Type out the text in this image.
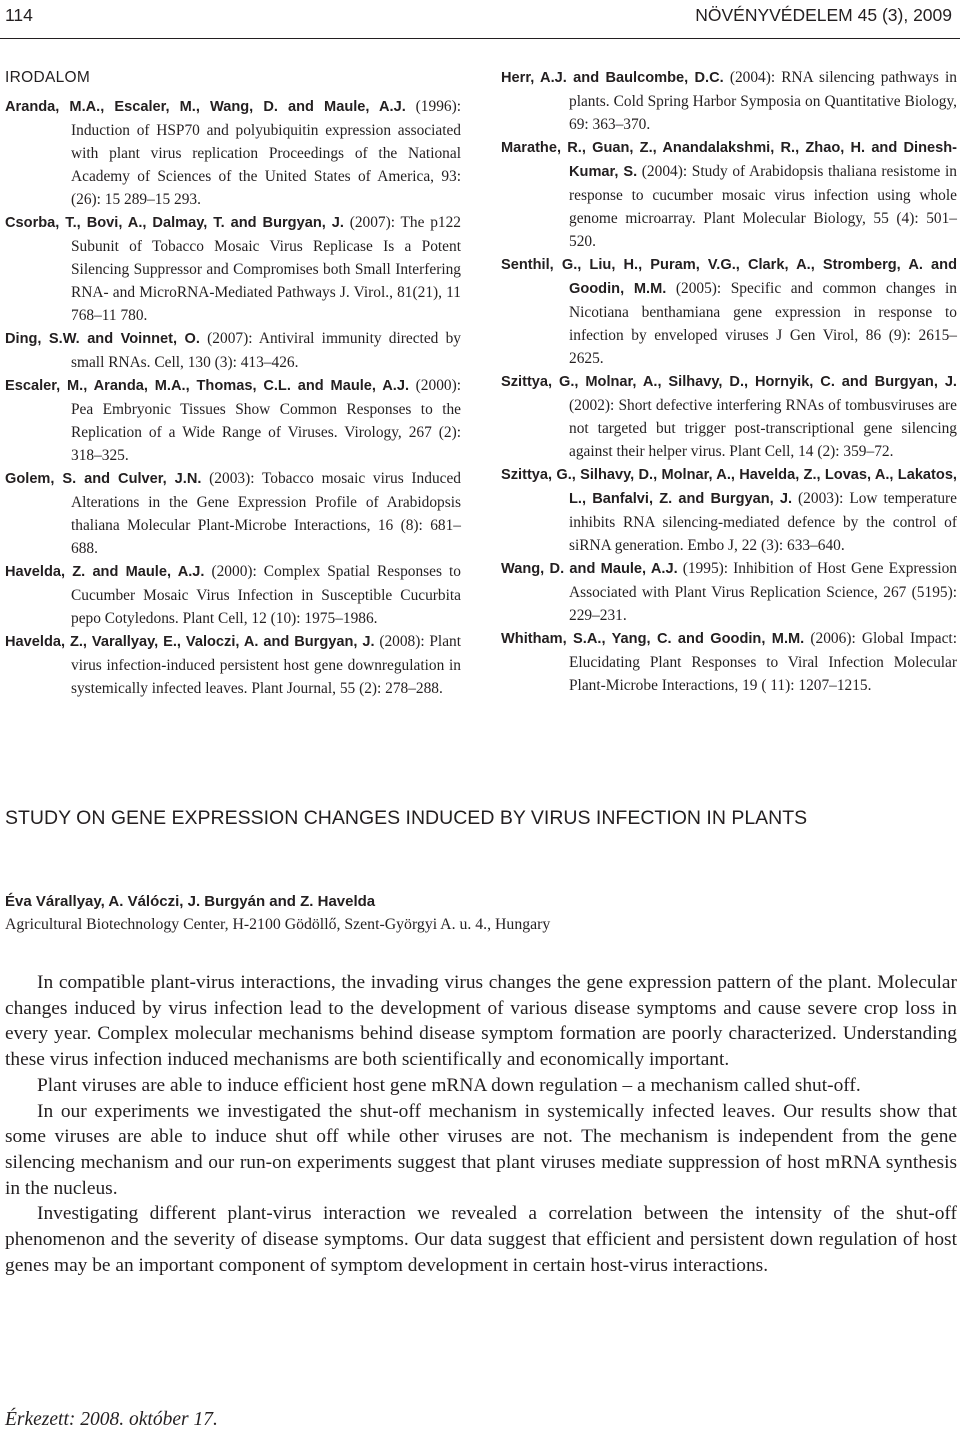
114	NÖVÉNYVÉDELEM 45 (3), 2009
IRODALOM
Aranda, M.A., Escaler, M., Wang, D. and Maule, A.J. (1996): Induction of HSP70 and polyubiquitin expression associated with plant virus replication Proceedings of the National Academy of Sciences of the United States of America, 93: (26): 15 289–15 293.
Csorba, T., Bovi, A., Dalmay, T. and Burgyan, J. (2007): The p122 Subunit of Tobacco Mosaic Virus Replicase Is a Potent Silencing Suppressor and Compromises both Small Interfering RNA- and MicroRNA-Mediated Pathways J. Virol., 81(21), 11 768–11 780.
Ding, S.W. and Voinnet, O. (2007): Antiviral immunity directed by small RNAs. Cell, 130 (3): 413–426.
Escaler, M., Aranda, M.A., Thomas, C.L. and Maule, A.J. (2000): Pea Embryonic Tissues Show Common Responses to the Replication of a Wide Range of Viruses. Virology, 267 (2): 318–325.
Golem, S. and Culver, J.N. (2003): Tobacco mosaic virus Induced Alterations in the Gene Expression Profile of Arabidopsis thaliana Molecular Plant-Microbe Interactions, 16 (8): 681–688.
Havelda, Z. and Maule, A.J. (2000): Complex Spatial Responses to Cucumber Mosaic Virus Infection in Susceptible Cucurbita pepo Cotyledons. Plant Cell, 12 (10): 1975–1986.
Havelda, Z., Varallyay, E., Valoczi, A. and Burgyan, J. (2008): Plant virus infection-induced persistent host gene downregulation in systemically infected leaves. Plant Journal, 55 (2): 278–288.
Herr, A.J. and Baulcombe, D.C. (2004): RNA silencing pathways in plants. Cold Spring Harbor Symposia on Quantitative Biology, 69: 363–370.
Marathe, R., Guan, Z., Anandalakshmi, R., Zhao, H. and Dinesh-Kumar, S. (2004): Study of Arabidopsis thaliana resistome in response to cucumber mosaic virus infection using whole genome microarray. Plant Molecular Biology, 55 (4): 501–520.
Senthil, G., Liu, H., Puram, V.G., Clark, A., Stromberg, A. and Goodin, M.M. (2005): Specific and common changes in Nicotiana benthamiana gene expression in response to infection by enveloped viruses J Gen Virol, 86 (9): 2615–2625.
Szittya, G., Molnar, A., Silhavy, D., Hornyik, C. and Burgyan, J. (2002): Short defective interfering RNAs of tombusviruses are not targeted but trigger post-transcriptional gene silencing against their helper virus. Plant Cell, 14 (2): 359–72.
Szittya, G., Silhavy, D., Molnar, A., Havelda, Z., Lovas, A., Lakatos, L., Banfalvi, Z. and Burgyan, J. (2003): Low temperature inhibits RNA silencing-mediated defence by the control of siRNA generation. Embo J, 22 (3): 633–640.
Wang, D. and Maule, A.J. (1995): Inhibition of Host Gene Expression Associated with Plant Virus Replication Science, 267 (5195): 229–231.
Whitham, S.A., Yang, C. and Goodin, M.M. (2006): Global Impact: Elucidating Plant Responses to Viral Infection Molecular Plant-Microbe Interactions, 19 ( 11): 1207–1215.
STUDY ON GENE EXPRESSION CHANGES INDUCED BY VIRUS INFECTION IN PLANTS
Éva Várallyay, A. Válóczi, J. Burgyán and Z. Havelda
Agricultural Biotechnology Center, H-2100 Gödöllő, Szent-Györgyi A. u. 4., Hungary

In compatible plant-virus interactions, the invading virus changes the gene expression pattern of the plant. Molecular changes induced by virus infection lead to the development of various disease symptoms and cause severe crop loss in every year. Complex molecular mechanisms behind disease symptom formation are poorly characterized. Understanding these virus infection induced mechanisms are both scientifically and economically important.

Plant viruses are able to induce efficient host gene mRNA down regulation – a mechanism called shut-off.

In our experiments we investigated the shut-off mechanism in systemically infected leaves. Our results show that some viruses are able to induce shut off while other viruses are not. The mechanism is independent from the gene silencing mechanism and our run-on experiments suggest that plant viruses mediate suppression of host mRNA synthesis in the nucleus.

Investigating different plant-virus interaction we revealed a correlation between the intensity of the shut-off phenomenon and the severity of disease symptoms. Our data suggest that efficient and persistent down regulation of host genes may be an important component of symptom development in certain host-virus interactions.

Érkezett: 2008. október 17.
